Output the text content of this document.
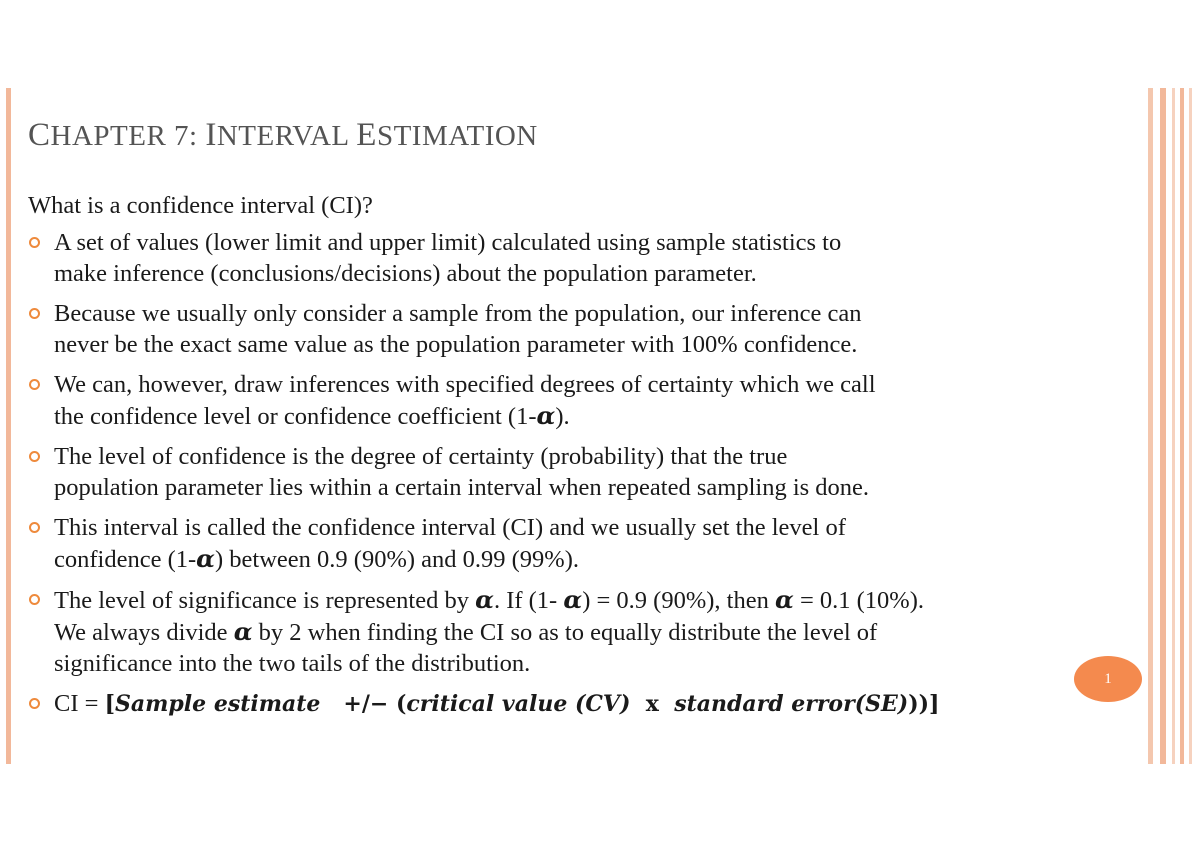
CHAPTER 7: INTERVAL ESTIMATION

What is a confidence interval (CI)?

A set of values (lower limit and upper limit) calculated using sample statistics to
make inference (conclusions/decisions) about the population parameter.
Because we usually only consider a sample from the population, our inference can
never be the exact same value as the population parameter with 100% confidence.
We can, however, draw inferences with specified degrees of certainty which we call
the confidence level or confidence coefficient (1-α).
The level of confidence is the degree of certainty (probability) that the true
population parameter lies within a certain interval when repeated sampling is done.
This interval is called the confidence interval (CI) and we usually set the level of
confidence (1-α) between 0.9 (90%) and 0.99 (99%).
The level of significance is represented by α. If (1- α) = 0.9 (90%), then α = 0.1 (10%).
We always divide α by 2 when finding the CI so as to equally distribute the level of
significance into the two tails of the distribution.
CI = [Sample estimate +/− (critical value (CV) x standard error(SE)))]
1
